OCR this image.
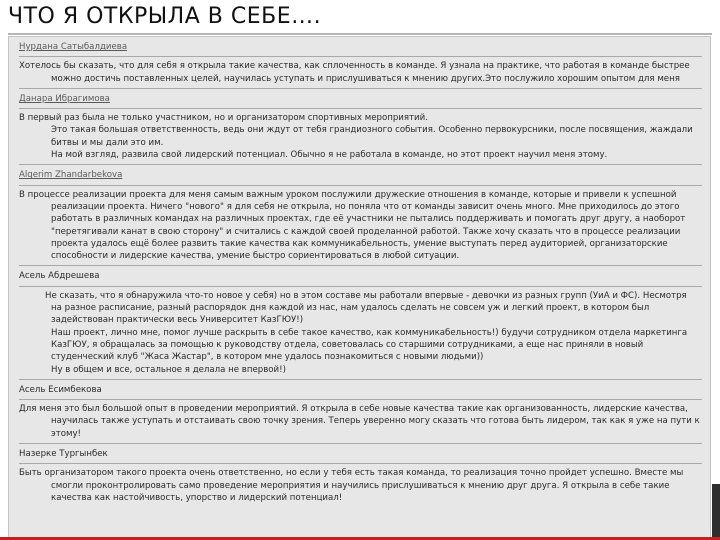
ЧТО Я ОТКРЫЛА В СЕБЕ….
Нурдана Сатыбалдиева
Хотелось бы сказать, что для себя я открыла такие качества, как сплоченность в команде. Я узнала на практике, что работая в команде быстрее
можно достичь поставленных целей, научилась уступать и прислушиваться к мнению других.Это послужило хорошим опытом для меня
Данара Ибрагимова
В первый раз была не только участником, но и организатором спортивных мероприятий.
Это такая большая ответственность, ведь они ждут от тебя грандиозного события. Особенно первокурсники, после посвящения, жаждали
битвы и мы дали это им.
На мой взгляд, развила свой лидерский потенциал. Обычно я не работала в команде, но этот проект научил меня этому.
Algerim Zhandarbekova
В процессе реализации проекта для меня самым важным уроком послужили дружеские отношения в команде, которые и привели к успешной
реализации проекта. Ничего "нового" я для себя не открыла, но поняла что от команды зависит очень много. Мне приходилось до этого
работать в различных командах на различных проектах, где её участники не пытались поддерживать и помогать друг другу, а наоборот
"перетягивали канат в свою сторону" и считались с каждой своей проделанной работой. Также хочу сказать что в процессе реализации
проекта удалось ещё более развить такие качества как коммуникабельность, умение выступать перед аудиторией, организаторские
способности и лидерские качества, умение быстро сориентироваться в любой ситуации.
Асель Абдрешева
Не сказать, что я обнаружила что-то новое у себя) но в этом составе мы работали впервые - девочки из разных групп (УиА и ФС). Несмотря
на разное расписание, разный распорядок дня каждой из нас, нам удалось сделать не совсем уж и легкий проект, в котором был
задействован практически весь Университет КазГЮУ!)
Наш проект, лично мне, помог лучше раскрыть в себе такое качество, как коммуникабельность!) будучи сотрудником отдела маркетинга
КазГЮУ, я обращалась за помощью к руководству отдела, советовалась со старшими сотрудниками, а еще нас приняли в новый
студенческий клуб "Жаса Жастар", в котором мне удалось познакомиться с новыми людьми))
Ну в общем и все, остальное я делала не впервой!)
Асель Есимбекова
Для меня это был большой опыт в проведении мероприятий. Я открыла в себе новые качества такие как организованность, лидерские качества,
научилась также уступать и отстаивать свою точку зрения. Теперь уверенно могу сказать что готова быть лидером, так как я уже на пути к
этому!
Назерке Тургынбек
Быть организатором такого проекта очень ответственно, но если у тебя есть такая команда, то реализация точно пройдет успешно. Вместе мы
смогли проконтролировать само проведение мероприятия и научились прислушиваться к мнению друг друга. Я открыла в себе такие
качества как настойчивость, упорство и лидерский потенциал!
